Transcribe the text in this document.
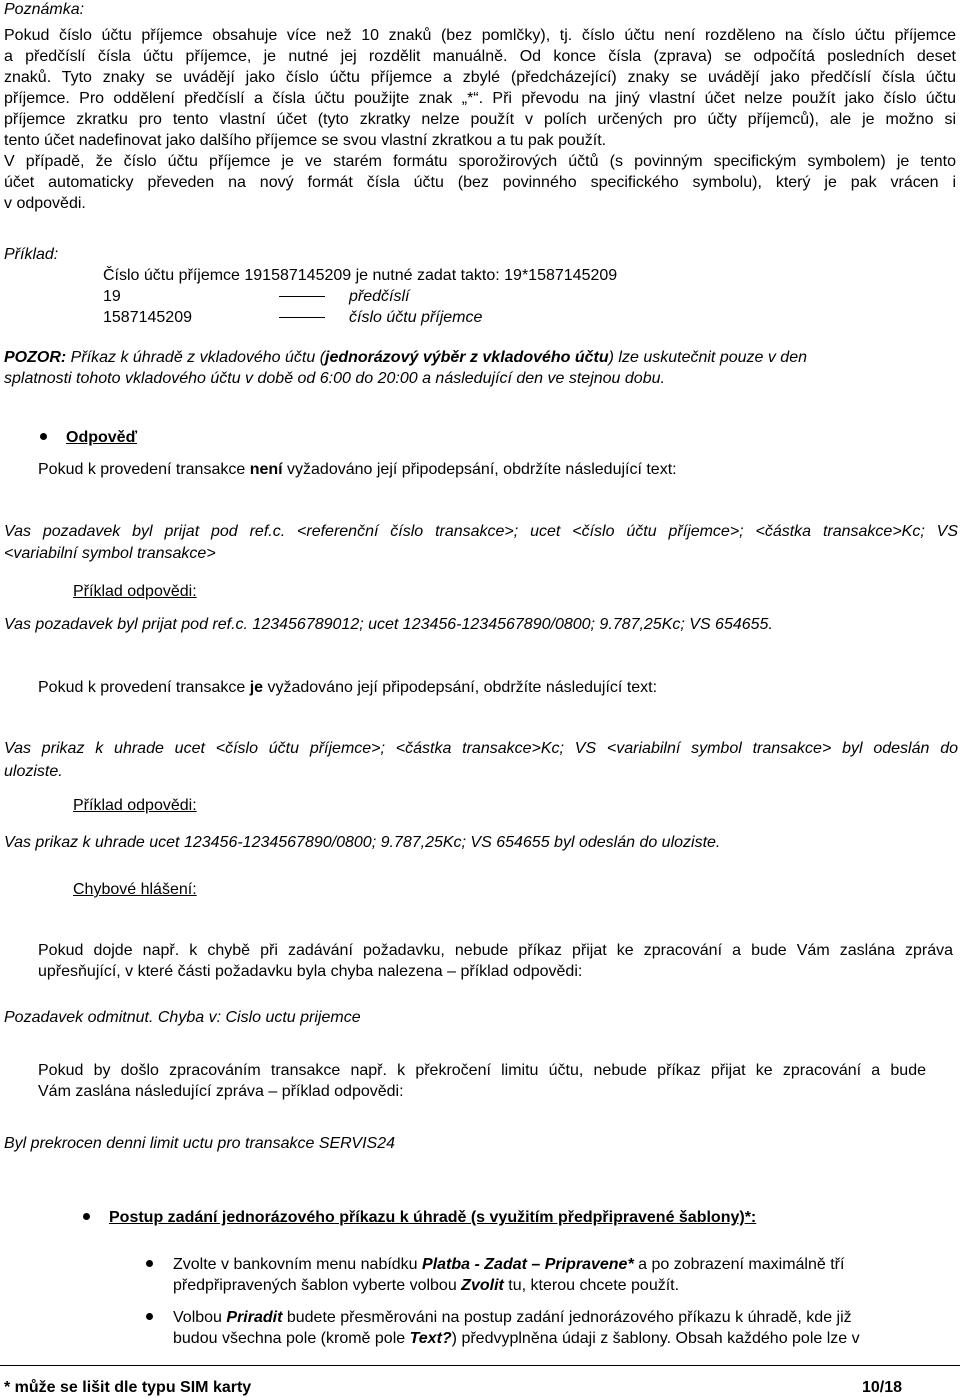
Poznámka:

Pokud číslo účtu příjemce obsahuje více než 10 znaků (bez pomlčky), tj. číslo účtu není rozděleno na číslo účtu příjemce

a předčíslí čísla účtu příjemce, je nutné jej rozdělit manuálně. Od konce čísla (zprava) se odpočítá posledních deset

znaků. Tyto znaky se uvádějí jako číslo účtu příjemce a zbylé (předcházející) znaky se uvádějí jako předčíslí čísla účtu

příjemce. Pro oddělení předčíslí a čísla účtu použijte znak „*“. Při převodu na jiný vlastní účet nelze použít jako číslo účtu

příjemce zkratku pro tento vlastní účet (tyto zkratky nelze použít v polích určených pro účty příjemců), ale je možno si

tento účet nadefinovat jako dalšího příjemce se svou vlastní zkratkou a tu pak použít.

V případě, že číslo účtu příjemce je ve starém formátu sporožirových účtů (s povinným specifickým symbolem) je tento

účet automaticky převeden na nový formát čísla účtu (bez povinného specifického symbolu), který je pak vrácen i

v odpovědi.

Příklad:

Číslo účtu příjemce 191587145209 je nutné zadat takto: 19*1587145209

19	předčíslí
1587145209	číslo účtu příjemce
POZOR: Příkaz k úhradě z vkladového účtu (jednorázový výběr z vkladového účtu) lze uskutečnit pouze v den

splatnosti tohoto vkladového účtu v době od 6:00 do 20:00 a následující den ve stejnou dobu.

Odpověď

Pokud k provedení transakce není vyžadováno její připodepsání, obdržíte následující text:

Vas pozadavek byl prijat pod ref.c. <referenční číslo transakce>; ucet <číslo účtu příjemce>; <částka transakce>Kc; VS

<variabilní symbol transakce>

Příklad odpovědi:

Vas pozadavek byl prijat pod ref.c. 123456789012; ucet 123456-1234567890/0800; 9.787,25Kc; VS 654655.

Pokud k provedení transakce je vyžadováno její připodepsání, obdržíte následující text:

Vas prikaz k uhrade ucet <číslo účtu příjemce>; <částka transakce>Kc; VS <variabilní symbol transakce> byl odeslán do

uloziste.

Příklad odpovědi:

Vas prikaz k uhrade ucet 123456-1234567890/0800; 9.787,25Kc; VS 654655 byl odeslán do uloziste.

Chybové hlášení:

Pokud dojde např. k chybě při zadávání požadavku, nebude příkaz přijat ke zpracování a bude Vám zaslána zpráva

upřesňující, v které části požadavku byla chyba nalezena – příklad odpovědi:

Pozadavek odmitnut. Chyba v: Cislo uctu prijemce

Pokud by došlo zpracováním transakce např. k překročení limitu účtu, nebude příkaz přijat ke zpracování a bude

Vám zaslána následující zpráva – příklad odpovědi:

Byl prekrocen denni limit uctu pro transakce SERVIS24

Postup zadání jednorázového příkazu k úhradě (s využitím předpřipravené šablony)*:

Zvolte v bankovním menu nabídku Platba - Zadat – Pripravene* a po zobrazení maximálně tří
předpřipravených šablon vyberte volbou Zvolit tu, kterou chcete použít.
Volbou Priradit budete přesměrováni na postup zadání jednorázového příkazu k úhradě, kde již
budou všechna pole (kromě pole Text?) předvyplněna údaji z šablony. Obsah každého pole lze v

* může se lišit dle typu SIM karty	10/18
